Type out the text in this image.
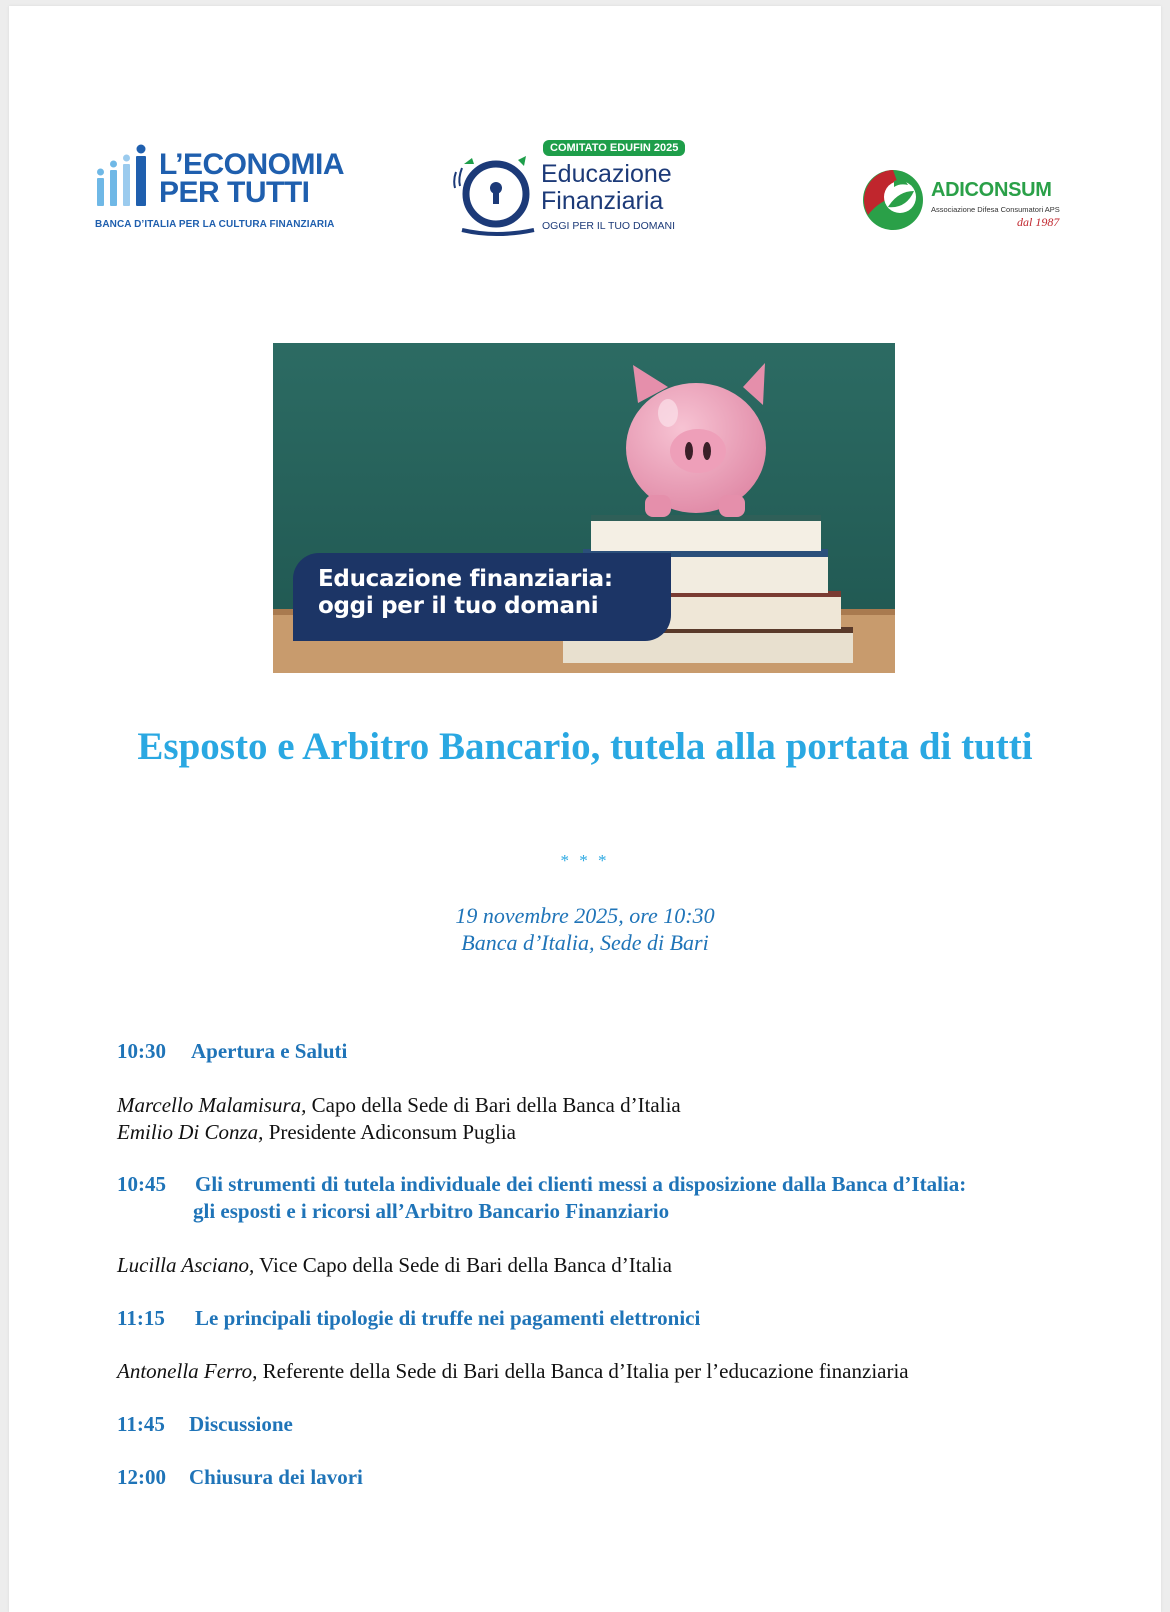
L’ECONOMIA
PER TUTTI
BANCA D’ITALIA PER LA CULTURA FINANZIARIA
COMITATO EDUFIN 2025
Educazione
Finanziaria
OGGI PER IL TUO DOMANI
ADICONSUM
Associazione Difesa Consumatori APS
dal 1987
Educazione finanziaria:
oggi per il tuo domani
Esposto e Arbitro Bancario, tutela alla portata di tutti
* * *
19 novembre 2025, ore 10:30
Banca d’Italia, Sede di Bari
10:30 Apertura e Saluti
Marcello Malamisura, Capo della Sede di Bari della Banca d’Italia
Emilio Di Conza, Presidente Adiconsum Puglia
10:45 Gli strumenti di tutela individuale dei clienti messi a disposizione dalla Banca d’Italia:
gli esposti e i ricorsi all’Arbitro Bancario Finanziario
Lucilla Asciano, Vice Capo della Sede di Bari della Banca d’Italia
11:15 Le principali tipologie di truffe nei pagamenti elettronici
Antonella Ferro, Referente della Sede di Bari della Banca d’Italia per l’educazione finanziaria
11:45 Discussione
12:00 Chiusura dei lavori
